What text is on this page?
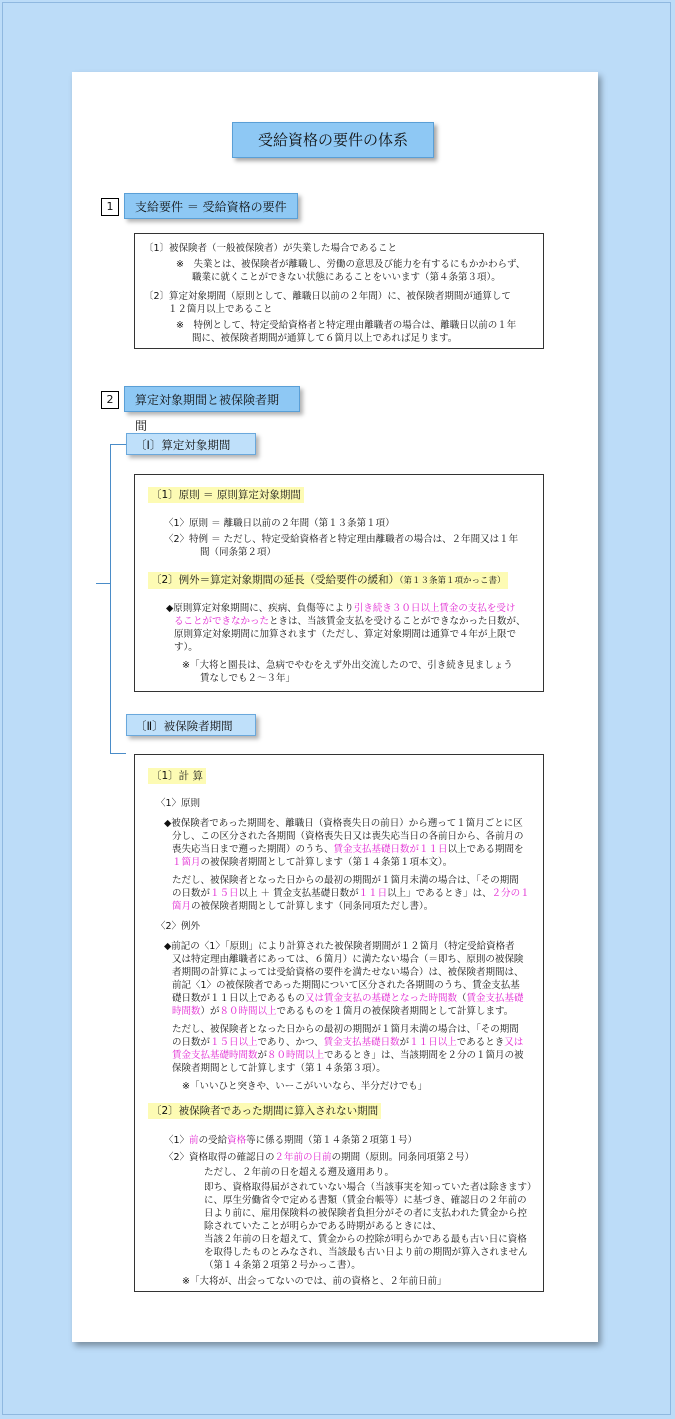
受給資格の要件の体系
1	支給要件 ＝ 受給資格の要件
〔1〕被保険者（一般被保険者）が失業した場合であること
※　失業とは、被保険者が離職し、労働の意思及び能力を有するにもかかわらず、
職業に就くことができない状態にあることをいいます（第４条第３項）。
〔2〕算定対象期間（原則として、離職日以前の２年間）に、被保険者期間が通算して
１２箇月以上であること
※　特例として、特定受給資格者と特定理由離職者の場合は、離職日以前の１年
間に、被保険者期間が通算して６箇月以上であれば足ります。
2	算定対象期間と被保険者期間
〔Ⅰ〕算定対象期間
〔1〕原則 ＝ 原則算定対象期間
〈1〉原則 ＝ 離職日以前の２年間（第１３条第１項）
〈2〉特例 ＝ ただし、特定受給資格者と特定理由離職者の場合は、２年間又は１年
間（同条第２項）
〔2〕例外＝算定対象期間の延長（受給要件の緩和）（第１３条第１項かっこ書）
◆原則算定対象期間に、疾病、負傷等により引き続き３０日以上賃金の支払を受け
ることができなかったときは、当該賃金支払を受けることができなかった日数が、
原則算定対象期間に加算されます（ただし、算定対象期間は通算で４年が上限で
す）。
※「大将と園長は、急病でやむをえず外出交流したので、引き続き見ましょう
賃なしでも２～３年」
〔Ⅱ〕被保険者期間
〔1〕計 算
〈1〉原則
◆被保険者であった期間を、離職日（資格喪失日の前日）から遡って１箇月ごとに区
分し、この区分された各期間（資格喪失日又は喪失応当日の各前日から、各前月の
喪失応当日まで遡った期間）のうち、賃金支払基礎日数が１１日以上である期間を
１箇月の被保険者期間として計算します（第１４条第１項本文）。
ただし、被保険者となった日からの最初の期間が１箇月未満の場合は、「その期間
の日数が１５日以上 ＋ 賃金支払基礎日数が１１日以上」であるとき」は、２分の１
箇月の被保険者期間として計算します（同条同項ただし書）。
〈2〉例外
◆前記の〈1〉「原則」により計算された被保険者期間が１２箇月（特定受給資格者
又は特定理由離職者にあっては、６箇月）に満たない場合（＝即ち、原則の被保険
者期間の計算によっては受給資格の要件を満たせない場合）は、被保険者期間は、
前記〈1〉の被保険者であった期間について区分された各期間のうち、賃金支払基
礎日数が１１日以上であるもの又は賃金支払の基礎となった時間数（賃金支払基礎
時間数）が８０時間以上であるものを１箇月の被保険者期間として計算します。
ただし、被保険者となった日からの最初の期間が１箇月未満の場合は、「その期間
の日数が１５日以上であり、かつ、賃金支払基礎日数が１１日以上であるとき又は
賃金支払基礎時間数が８０時間以上であるとき」は、当該期間を２分の１箇月の被
保険者期間として計算します（第１４条第３項）。
※「いいひと突きや、いーこがいいなら、半分だけでも」
〔2〕被保険者であった期間に算入されない期間
〈1〉前の受給資格等に係る期間（第１４条第２項第１号）
〈2〉資格取得の確認日の２年前の日前の期間（原則。同条同項第２号）
ただし、２年前の日を超える遡及適用あり。
即ち、資格取得届がされていない場合（当該事実を知っていた者は除きます）
に、厚生労働省令で定める書類（賃金台帳等）に基づき、確認日の２年前の
日より前に、雇用保険料の被保険者負担分がその者に支払われた賃金から控
除されていたことが明らかである時期があるときには、
当該２年前の日を超えて、賃金からの控除が明らかである最も古い日に資格
を取得したものとみなされ、当該最も古い日より前の期間が算入されません
（第１４条第２項第２号かっこ書）。
※「大将が、出会ってないのでは、前の資格と、２年前日前」
